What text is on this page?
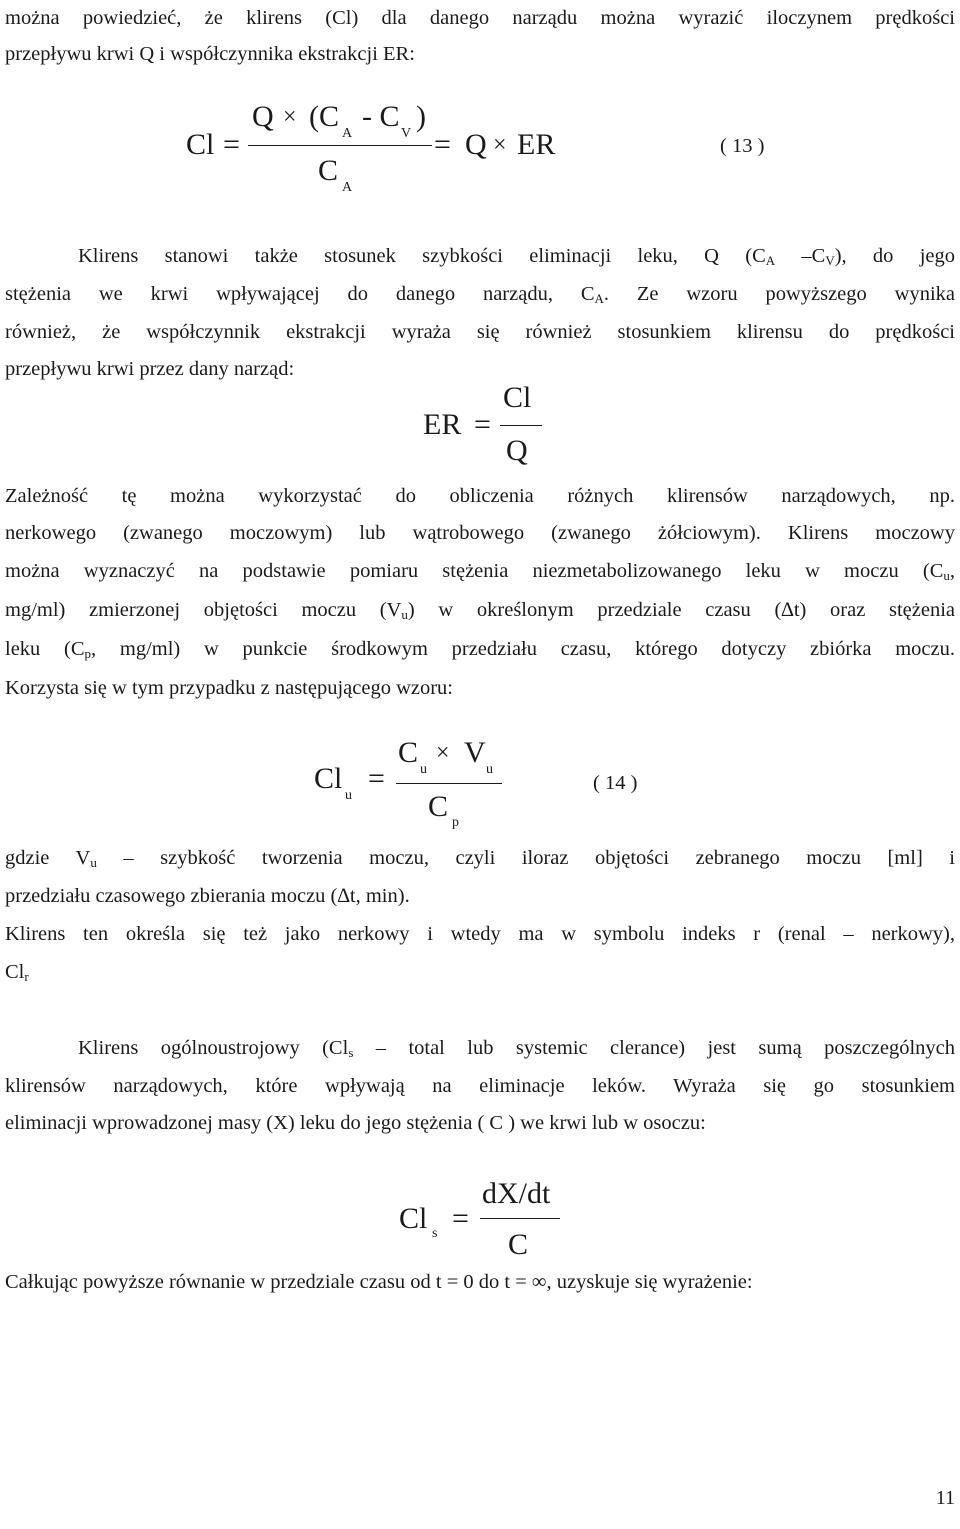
można powiedzieć, że klirens (Cl) dla danego narządu można wyrazić iloczynem prędkości
przepływu krwi Q i współczynnika ekstrakcji ER:
Cl =
Q × (C
A
- C
V
)
C
A
= Q × ER	( 13 )
Klirens stanowi także stosunek szybkości eliminacji leku, Q ($C_A$ $-C_V$), do jego
stężenia we krwi wpływającej do danego narządu, $C_A$. Ze wzoru powyższego wynika
również, że współczynnik ekstrakcji wyraża się również stosunkiem klirensu do prędkości
przepływu krwi przez dany narząd:
ER =
Cl
Q
Zależność tę można wykorzystać do obliczenia różnych klirensów narządowych, np.
nerkowego (zwanego moczowym) lub wątrobowego (zwanego żółciowym). Klirens moczowy
można wyznaczyć na podstawie pomiaru stężenia niezmetabolizowanego leku w moczu ($C_u$,
mg/ml) zmierzonej objętości moczu $(V_u)$ w określonym przedziale czasu (∆t) oraz stężenia
leku ($C_p$, mg/ml) w punkcie środkowym przedziału czasu, którego dotyczy zbiórka moczu.
Korzysta się w tym przypadku z następującego wzoru:
Cl
u
=
C
u
× V
u
C p
( 14 )
gdzie $V_u$ – szybkość tworzenia moczu, czyli iloraz objętości zebranego moczu [ml] i
przedziału czasowego zbierania moczu (∆t, min).
Klirens ten określa się też jako nerkowy i wtedy ma w symbolu indeks r (renal – nerkowy),
$Cl_r$
Klirens ogólnoustrojowy ($Cl_s$ – total lub systemic clerance) jest sumą poszczególnych
klirensów narządowych, które wpływają na eliminacje leków. Wyraża się go stosunkiem
eliminacji wprowadzonej masy (X) leku do jego stężenia ( C ) we krwi lub w osoczu:
Cl s =
dX/dt
C
Całkując powyższe równanie w przedziale czasu od t = 0 do t = ∞, uzyskuje się wyrażenie:
11
